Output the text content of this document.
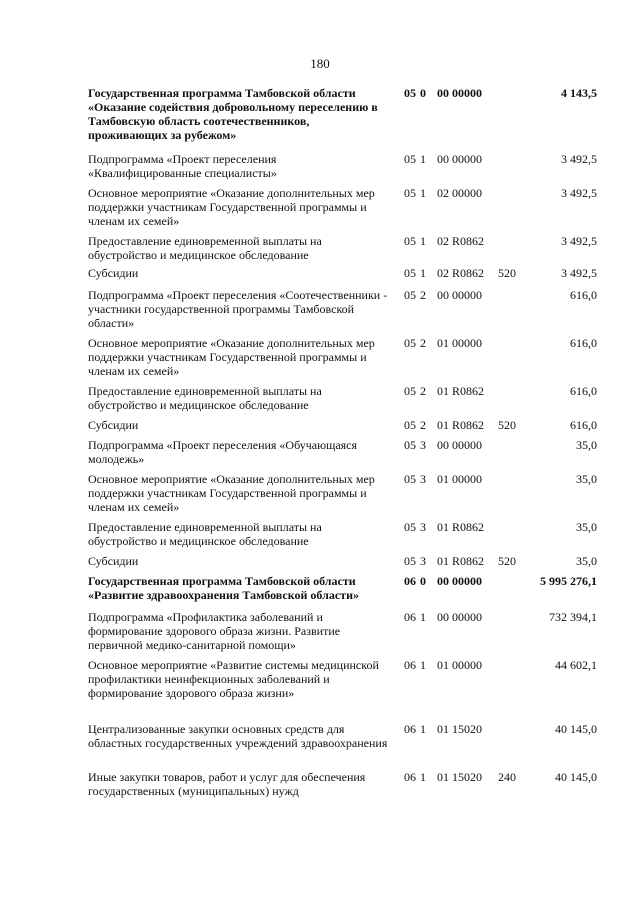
180
Государственная программа Тамбовской области «Оказание содействия добровольному переселению в Тамбовскую область соотечественников, проживающих за рубежом»
05 0 00 00000	4 143,5
Подпрограмма «Проект переселения «Квалифицированные специалисты»
05 1 00 00000	3 492,5
Основное мероприятие «Оказание дополнительных мер поддержки участникам Государственной программы и членам их семей»
05 1 02 00000	3 492,5
Предоставление единовременной выплаты на обустройство и медицинское обследование
05 1 02 R0862	3 492,5
Субсидии	05 1 02 R0862 520	3 492,5
Подпрограмма «Проект переселения «Соотечественники - участники государственной программы Тамбовской области»
05 2 00 00000	616,0
Основное мероприятие «Оказание дополнительных мер поддержки участникам Государственной программы и членам их семей»
05 2 01 00000	616,0
Предоставление единовременной выплаты на обустройство и медицинское обследование
05 2 01 R0862	616,0
Субсидии	05 2 01 R0862 520	616,0
Подпрограмма «Проект переселения «Обучающаяся молодежь»
05 3 00 00000	35,0
Основное мероприятие «Оказание дополнительных мер поддержки участникам Государственной программы и членам их семей»
05 3 01 00000	35,0
Предоставление единовременной выплаты на обустройство и медицинское обследование
05 3 01 R0862	35,0
Субсидии	05 3 01 R0862 520	35,0
Государственная программа Тамбовской области «Развитие здравоохранения Тамбовской области»
06 0 00 00000	5 995 276,1
Подпрограмма «Профилактика заболеваний и формирование здорового образа жизни. Развитие первичной медико-санитарной помощи»
06 1 00 00000	732 394,1
Основное мероприятие «Развитие системы медицинской профилактики неинфекционных заболеваний и формирование здорового образа жизни»
06 1 01 00000	44 602,1
Централизованные закупки основных средств для областных государственных учреждений здравоохранения
06 1 01 15020	40 145,0
Иные закупки товаров, работ и услуг для обеспечения государственных (муниципальных) нужд
06 1 01 15020 240	40 145,0
